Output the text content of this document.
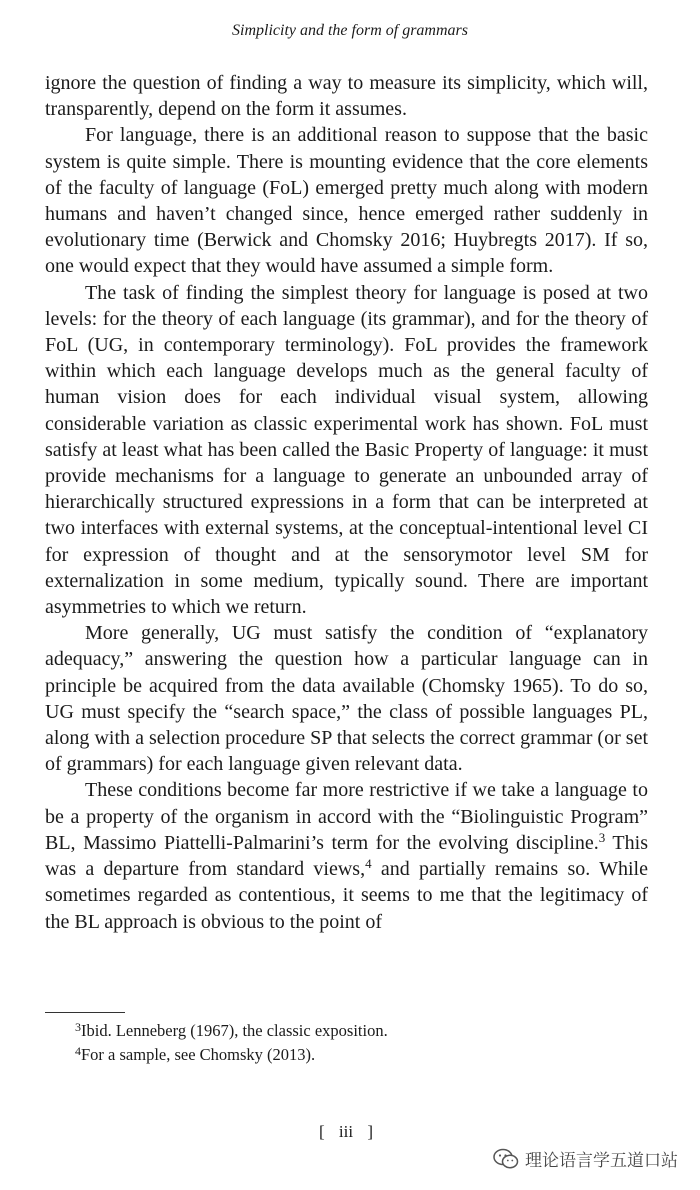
Simplicity and the form of grammars

ignore the question of finding a way to measure its simplicity, which will, transparently, depend on the form it assumes.

For language, there is an additional reason to suppose that the basic system is quite simple. There is mounting evidence that the core elements of the faculty of language (FoL) emerged pretty much along with modern humans and haven’t changed since, hence emerged rather suddenly in evolutionary time (Berwick and Chomsky 2016; Huybregts 2017). If so, one would expect that they would have assumed a simple form.

The task of finding the simplest theory for language is posed at two levels: for the theory of each language (its grammar), and for the theory of FoL (UG, in contemporary terminology). FoL provides the framework within which each language develops much as the general faculty of human vision does for each individual visual system, allowing considerable variation as classic experimental work has shown. FoL must satisfy at least what has been called the Basic Property of language: it must provide mechanisms for a language to generate an unbounded array of hierarchically structured expressions in a form that can be interpreted at two interfaces with external systems, at the conceptual-intentional level CI for expression of thought and at the sensorymotor level SM for externalization in some medium, typically sound. There are important asymmetries to which we return.

More generally, UG must satisfy the condition of “explanatory adequacy,” answering the question how a particular language can in principle be acquired from the data available (Chomsky 1965). To do so, UG must specify the “search space,” the class of possible languages PL, along with a selection procedure SP that selects the correct grammar (or set of grammars) for each language given relevant data.

These conditions become far more restrictive if we take a language to be a property of the organism in accord with the “Biolinguistic Program” BL, Massimo Piattelli-Palmarini’s term for the evolving discipline.$^3$ This was a departure from standard views,$^4$ and partially remains so. While sometimes regarded as contentious, it seems to me that the legitimacy of the BL approach is obvious to the point of

$^3$Ibid. Lenneberg (1967), the classic exposition.
$^4$For a sample, see Chomsky (2013).
[ iii ]
理论语言学五道口站
